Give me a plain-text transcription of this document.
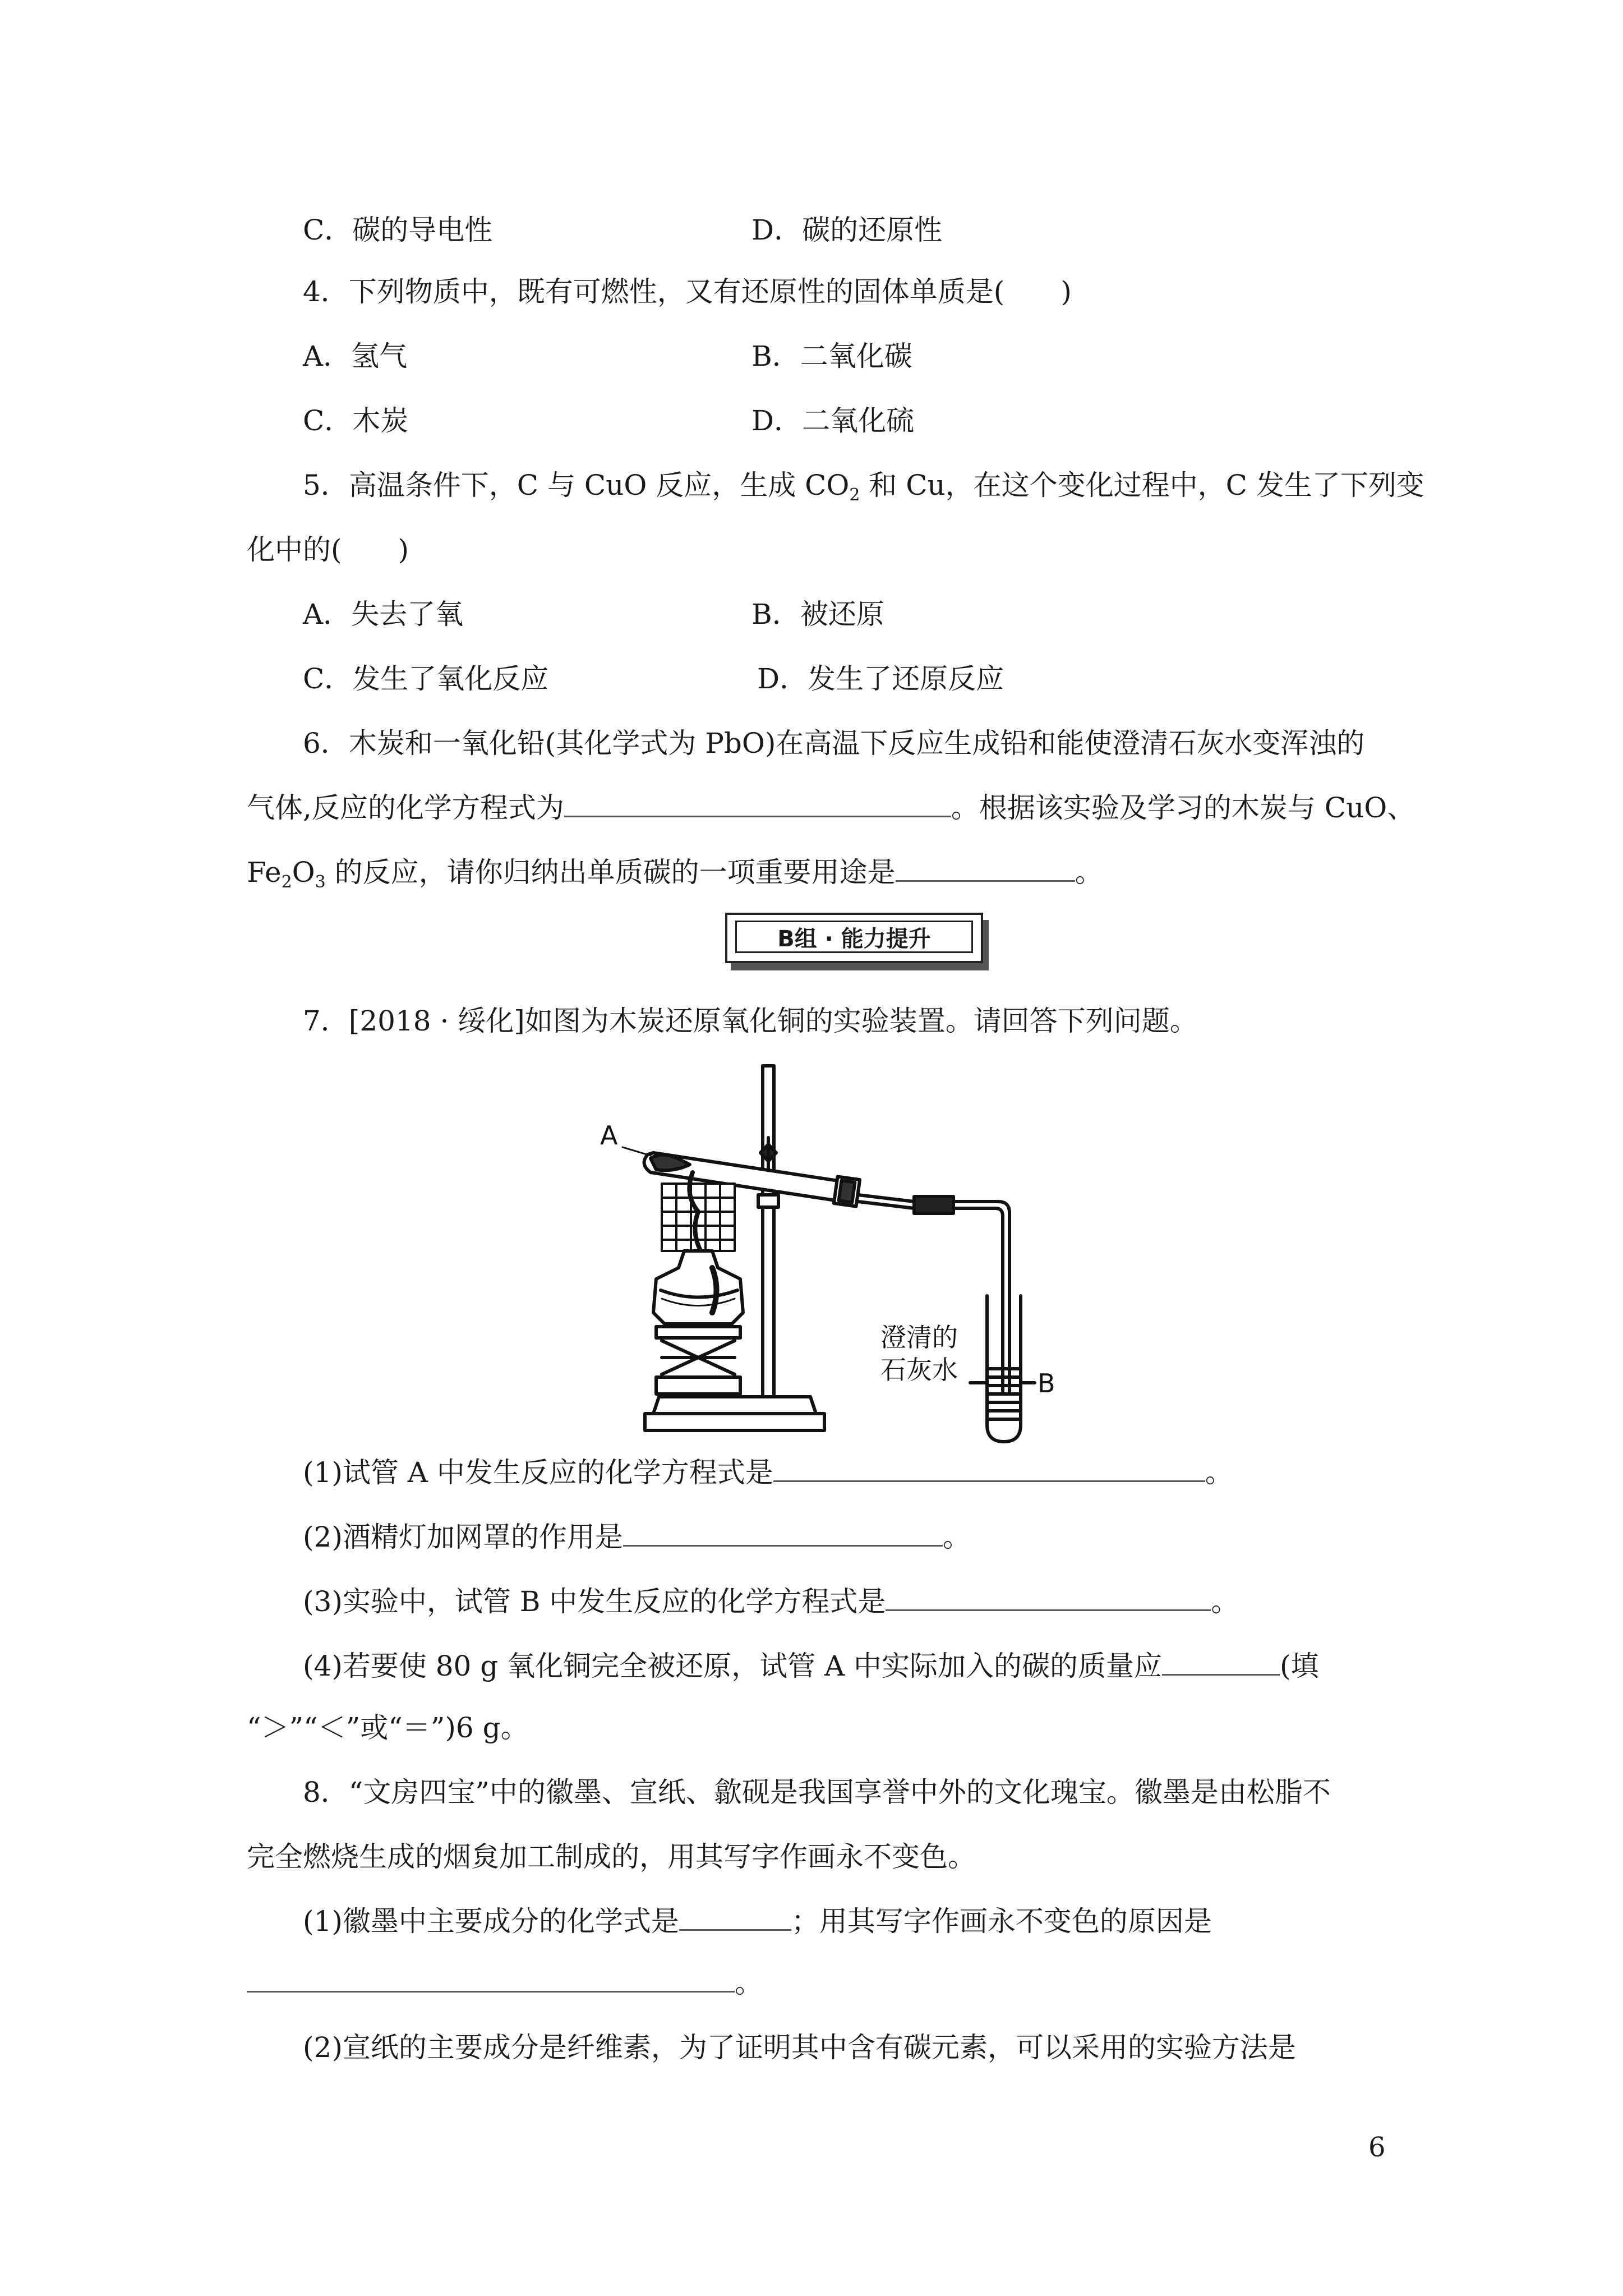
C．碳的导电性	D．碳的还原性
4．下列物质中，既有可燃性，又有还原性的固体单质是(　　)
A．氢气	B．二氧化碳
C．木炭	D．二氧化硫
5．高温条件下，C 与 CuO 反应，生成 $CO_2$ 和 Cu，在这个变化过程中，C 发生了下列变
化中的(　　)
A．失去了氧	B．被还原
C．发生了氧化反应	D．发生了还原反应
6．木炭和一氧化铅(其化学式为 PbO)在高温下反应生成铅和能使澄清石灰水变浑浊的
气体,反应的化学方程式为	。根据该实验及学习的木炭与 CuO、
$Fe_2O_3$ 的反应，请你归纳出单质碳的一项重要用途是	。
B组 · 能力提升
7．[2018 · 绥化]如图为木炭还原氧化铜的实验装置。请回答下列问题。
A
B
澄清的
石灰水
(1)试管 A 中发生反应的化学方程式是	。
(2)酒精灯加网罩的作用是	。
(3)实验中，试管 B 中发生反应的化学方程式是	。
(4)若要使 80 g 氧化铜完全被还原，试管 A 中实际加入的碳的质量应	(填
“＞”“＜”或“＝”)6 g。
8．“文房四宝”中的徽墨、宣纸、歙砚是我国享誉中外的文化瑰宝。徽墨是由松脂不
完全燃烧生成的烟炱加工制成的，用其写字作画永不变色。
(1)徽墨中主要成分的化学式是	；用其写字作画永不变色的原因是
。
(2)宣纸的主要成分是纤维素，为了证明其中含有碳元素，可以采用的实验方法是
6
